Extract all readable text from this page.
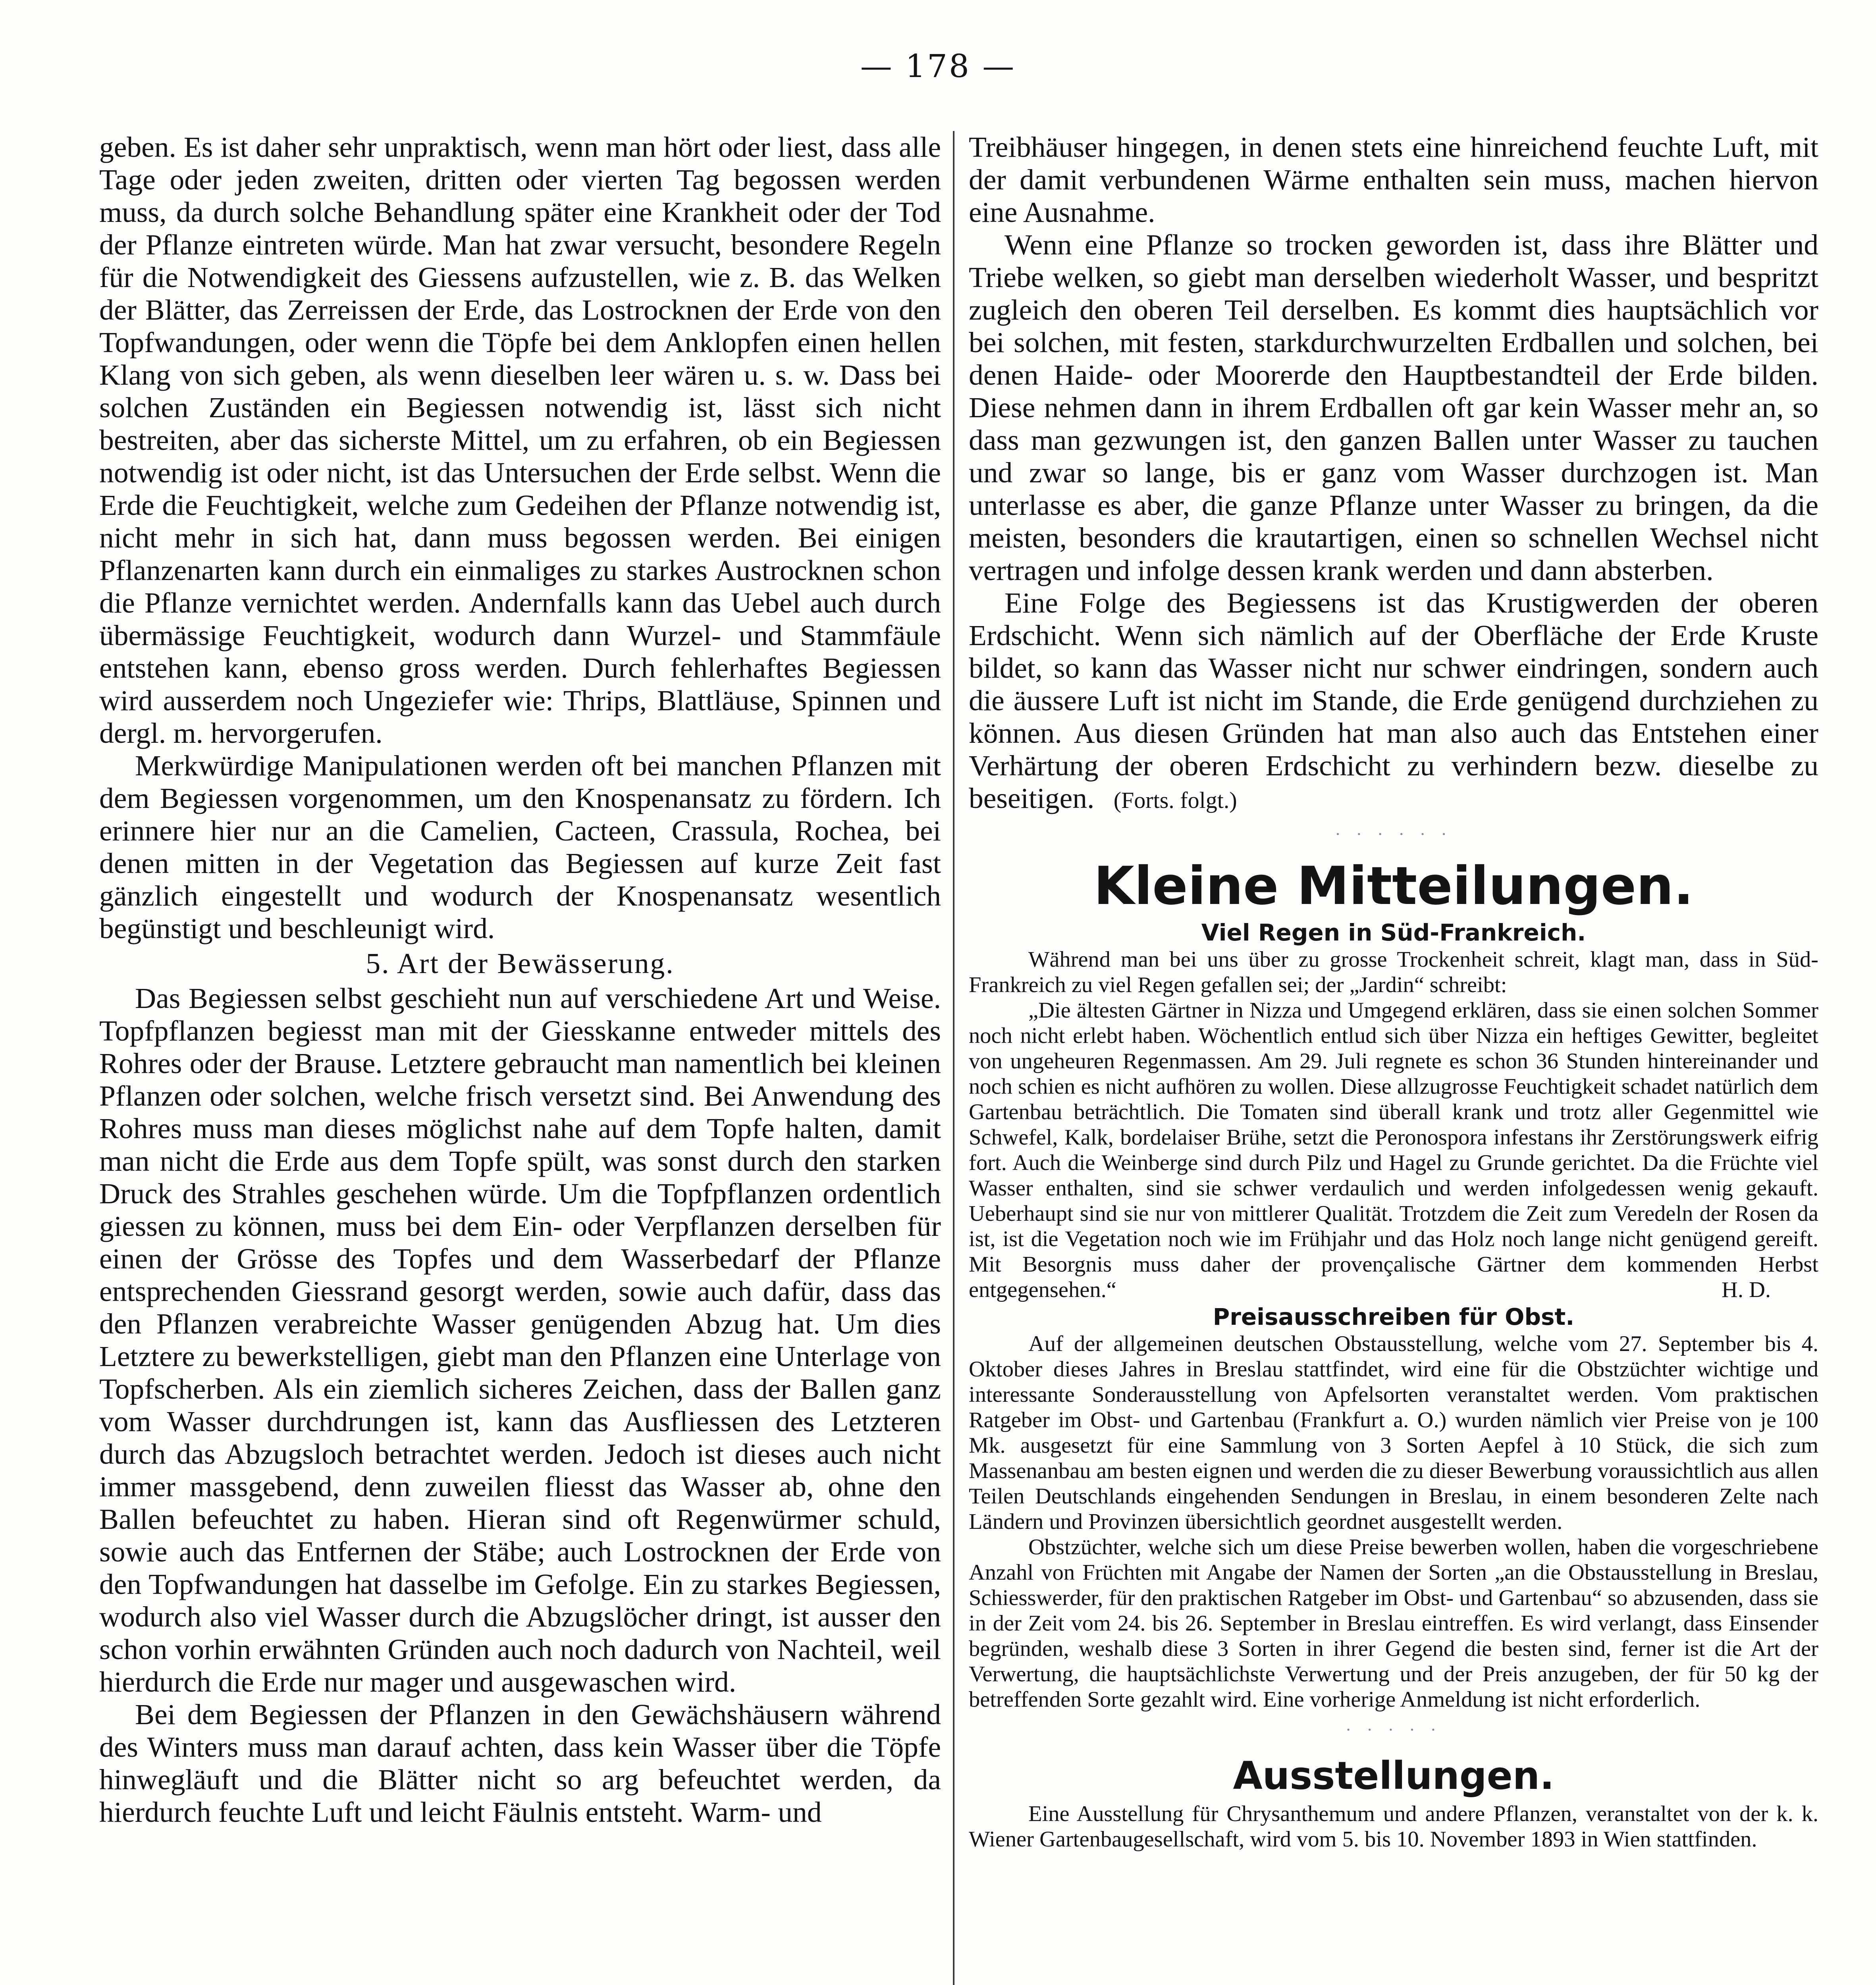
— 178 —

geben. Es ist daher sehr unpraktisch, wenn man hört oder liest, dass alle Tage oder jeden zweiten, dritten oder vierten Tag begossen werden muss, da durch solche Behandlung später eine Krankheit oder der Tod der Pflanze eintreten würde. Man hat zwar versucht, besondere Regeln für die Notwendigkeit des Giessens aufzustellen, wie z. B. das Welken der Blätter, das Zerreissen der Erde, das Lostrocknen der Erde von den Topfwandungen, oder wenn die Töpfe bei dem Anklopfen einen hellen Klang von sich geben, als wenn dieselben leer wären u. s. w. Dass bei solchen Zuständen ein Begiessen notwendig ist, lässt sich nicht bestreiten, aber das sicherste Mittel, um zu erfahren, ob ein Begiessen notwendig ist oder nicht, ist das Untersuchen der Erde selbst. Wenn die Erde die Feuchtigkeit, welche zum Gedeihen der Pflanze notwendig ist, nicht mehr in sich hat, dann muss begossen werden. Bei einigen Pflanzenarten kann durch ein einmaliges zu starkes Austrocknen schon die Pflanze vernichtet werden. Andernfalls kann das Uebel auch durch übermässige Feuchtigkeit, wodurch dann Wurzel- und Stammfäule entstehen kann, ebenso gross werden. Durch fehlerhaftes Begiessen wird ausserdem noch Ungeziefer wie: Thrips, Blattläuse, Spinnen und dergl. m. hervorgerufen.

Merkwürdige Manipulationen werden oft bei manchen Pflanzen mit dem Begiessen vorgenommen, um den Knospenansatz zu fördern. Ich erinnere hier nur an die Camelien, Cacteen, Crassula, Rochea, bei denen mitten in der Vegetation das Begiessen auf kurze Zeit fast gänzlich eingestellt und wodurch der Knospenansatz wesentlich begünstigt und beschleunigt wird.

5. Art der Bewässerung.

Das Begiessen selbst geschieht nun auf verschiedene Art und Weise. Topfpflanzen begiesst man mit der Giesskanne entweder mittels des Rohres oder der Brause. Letztere gebraucht man namentlich bei kleinen Pflanzen oder solchen, welche frisch versetzt sind. Bei Anwendung des Rohres muss man dieses möglichst nahe auf dem Topfe halten, damit man nicht die Erde aus dem Topfe spült, was sonst durch den starken Druck des Strahles geschehen würde. Um die Topfpflanzen ordentlich giessen zu können, muss bei dem Ein- oder Verpflanzen derselben für einen der Grösse des Topfes und dem Wasserbedarf der Pflanze entsprechenden Giessrand gesorgt werden, sowie auch dafür, dass das den Pflanzen verabreichte Wasser genügenden Abzug hat. Um dies Letztere zu bewerkstelligen, giebt man den Pflanzen eine Unterlage von Topfscherben. Als ein ziemlich sicheres Zeichen, dass der Ballen ganz vom Wasser durchdrungen ist, kann das Ausfliessen des Letzteren durch das Abzugsloch betrachtet werden. Jedoch ist dieses auch nicht immer massgebend, denn zuweilen fliesst das Wasser ab, ohne den Ballen befeuchtet zu haben. Hieran sind oft Regenwürmer schuld, sowie auch das Entfernen der Stäbe; auch Lostrocknen der Erde von den Topfwandungen hat dasselbe im Gefolge. Ein zu starkes Begiessen, wodurch also viel Wasser durch die Abzugslöcher dringt, ist ausser den schon vorhin erwähnten Gründen auch noch dadurch von Nachteil, weil hierdurch die Erde nur mager und ausgewaschen wird.

Bei dem Begiessen der Pflanzen in den Gewächshäusern während des Winters muss man darauf achten, dass kein Wasser über die Töpfe hinwegläuft und die Blätter nicht so arg befeuchtet werden, da hierdurch feuchte Luft und leicht Fäulnis entsteht. Warm- und

Treibhäuser hingegen, in denen stets eine hinreichend feuchte Luft, mit der damit verbundenen Wärme enthalten sein muss, machen hiervon eine Ausnahme.

Wenn eine Pflanze so trocken geworden ist, dass ihre Blätter und Triebe welken, so giebt man derselben wiederholt Wasser, und bespritzt zugleich den oberen Teil derselben. Es kommt dies hauptsächlich vor bei solchen, mit festen, starkdurchwurzelten Erdballen und solchen, bei denen Haide- oder Moorerde den Hauptbestandteil der Erde bilden. Diese nehmen dann in ihrem Erdballen oft gar kein Wasser mehr an, so dass man gezwungen ist, den ganzen Ballen unter Wasser zu tauchen und zwar so lange, bis er ganz vom Wasser durchzogen ist. Man unterlasse es aber, die ganze Pflanze unter Wasser zu bringen, da die meisten, besonders die krautartigen, einen so schnellen Wechsel nicht vertragen und infolge dessen krank werden und dann absterben.

Eine Folge des Begiessens ist das Krustigwerden der oberen Erdschicht. Wenn sich nämlich auf der Oberfläche der Erde Kruste bildet, so kann das Wasser nicht nur schwer eindringen, sondern auch die äussere Luft ist nicht im Stande, die Erde genügend durchziehen zu können. Aus diesen Gründen hat man also auch das Entstehen einer Verhärtung der oberen Erdschicht zu verhindern bezw. dieselbe zu beseitigen. (Forts. folgt.)

· · · · · ·
Kleine Mitteilungen.
Viel Regen in Süd-Frankreich.

Während man bei uns über zu grosse Trockenheit schreit, klagt man, dass in Süd-Frankreich zu viel Regen gefallen sei; der „Jardin“ schreibt:

„Die ältesten Gärtner in Nizza und Umgegend erklären, dass sie einen solchen Sommer noch nicht erlebt haben. Wöchentlich entlud sich über Nizza ein heftiges Gewitter, begleitet von ungeheuren Regenmassen. Am 29. Juli regnete es schon 36 Stunden hintereinander und noch schien es nicht aufhören zu wollen. Diese allzugrosse Feuchtigkeit schadet natürlich dem Gartenbau beträchtlich. Die Tomaten sind überall krank und trotz aller Gegenmittel wie Schwefel, Kalk, bordelaiser Brühe, setzt die Peronospora infestans ihr Zerstörungswerk eifrig fort. Auch die Weinberge sind durch Pilz und Hagel zu Grunde gerichtet. Da die Früchte viel Wasser enthalten, sind sie schwer verdaulich und werden infolgedessen wenig gekauft. Ueberhaupt sind sie nur von mittlerer Qualität. Trotzdem die Zeit zum Veredeln der Rosen da ist, ist die Vegetation noch wie im Frühjahr und das Holz noch lange nicht genügend gereift. Mit Besorgnis muss daher der provençalische Gärtner dem kommenden Herbst entgegensehen.“	H. D.

Preisausschreiben für Obst.

Auf der allgemeinen deutschen Obstausstellung, welche vom 27. September bis 4. Oktober dieses Jahres in Breslau stattfindet, wird eine für die Obstzüchter wichtige und interessante Sonderausstellung von Apfelsorten veranstaltet werden. Vom praktischen Ratgeber im Obst- und Gartenbau (Frankfurt a. O.) wurden nämlich vier Preise von je 100 Mk. ausgesetzt für eine Sammlung von 3 Sorten Aepfel à 10 Stück, die sich zum Massenanbau am besten eignen und werden die zu dieser Bewerbung voraussichtlich aus allen Teilen Deutschlands eingehenden Sendungen in Breslau, in einem besonderen Zelte nach Ländern und Provinzen übersichtlich geordnet ausgestellt werden.

Obstzüchter, welche sich um diese Preise bewerben wollen, haben die vorgeschriebene Anzahl von Früchten mit Angabe der Namen der Sorten „an die Obstausstellung in Breslau, Schiesswerder, für den praktischen Ratgeber im Obst- und Gartenbau“ so abzusenden, dass sie in der Zeit vom 24. bis 26. September in Breslau eintreffen. Es wird verlangt, dass Einsender begründen, weshalb diese 3 Sorten in ihrer Gegend die besten sind, ferner ist die Art der Verwertung, die hauptsächlichste Verwertung und der Preis anzugeben, der für 50 kg der betreffenden Sorte gezahlt wird. Eine vorherige Anmeldung ist nicht erforderlich.

· · · · ·
Ausstellungen.

Eine Ausstellung für Chrysanthemum und andere Pflanzen, veranstaltet von der k. k. Wiener Gartenbaugesellschaft, wird vom 5. bis 10. November 1893 in Wien stattfinden.
